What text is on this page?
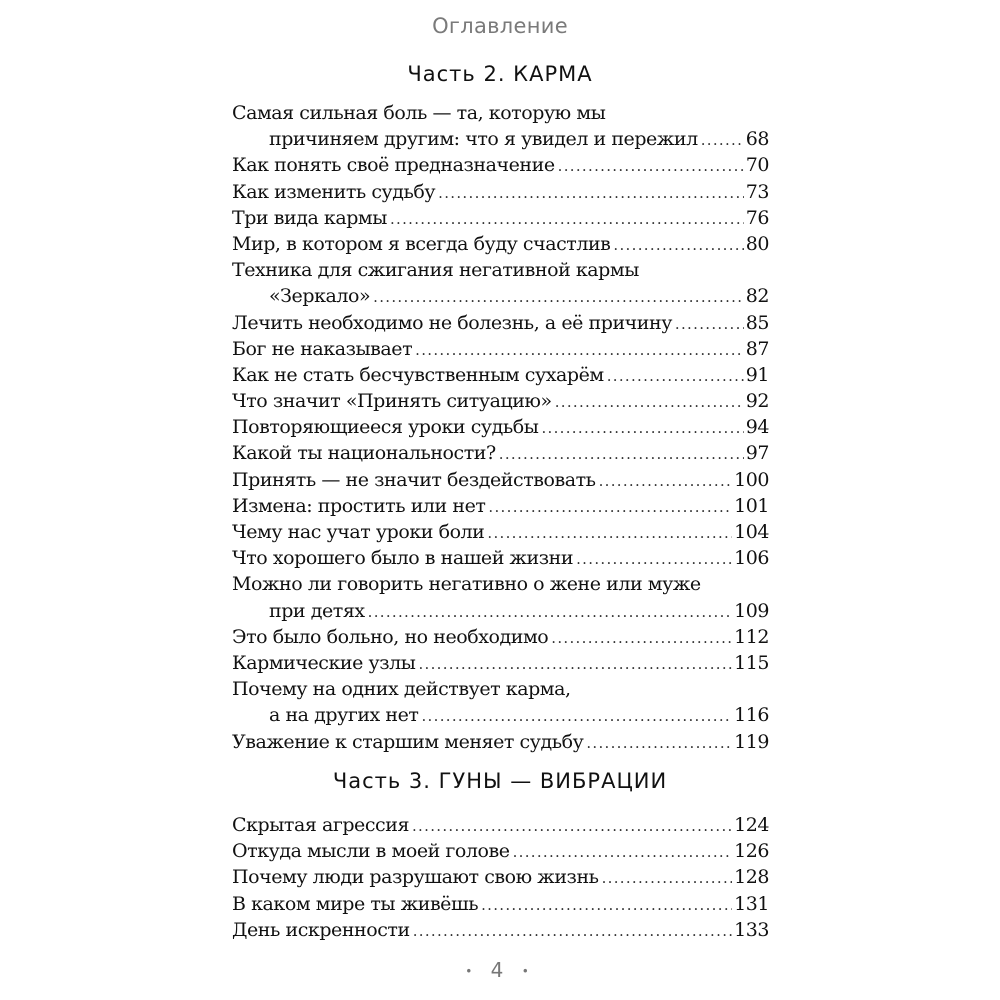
Оглавление
Часть 2. КАРМА
Самая сильная боль — та, которую мы
причиняем другим: что я увидел и пережил .....	68
Как понять своё предназначение .....	70
Как изменить судьбу .....	73
Три вида кармы .....	76
Мир, в котором я всегда буду счастлив .....	80
Техника для сжигания негативной кармы
«Зеркало» .....	82
Лечить необходимо не болезнь, а её причину .....	85
Бог не наказывает .....	87
Как не стать бесчувственным сухарём .....	91
Что значит «Принять ситуацию» .....	92
Повторяющиееся уроки судьбы .....	94
Какой ты национальности? .....	97
Принять — не значит бездействовать .....	100
Измена: простить или нет .....	101
Чему нас учат уроки боли .....	104
Что хорошего было в нашей жизни .....	106
Можно ли говорить негативно о жене или муже
при детях .....	109
Это было больно, но необходимо .....	112
Кармические узлы .....	115
Почему на одних действует карма,
а на других нет .....	116
Уважение к старшим меняет судьбу .....	119
Часть 3. ГУНЫ — ВИБРАЦИИ
Скрытая агрессия .....	124
Откуда мысли в моей голове .....	126
Почему люди разрушают свою жизнь .....	128
В каком мире ты живёшь .....	131
День искренности .....	133
• 4 •
